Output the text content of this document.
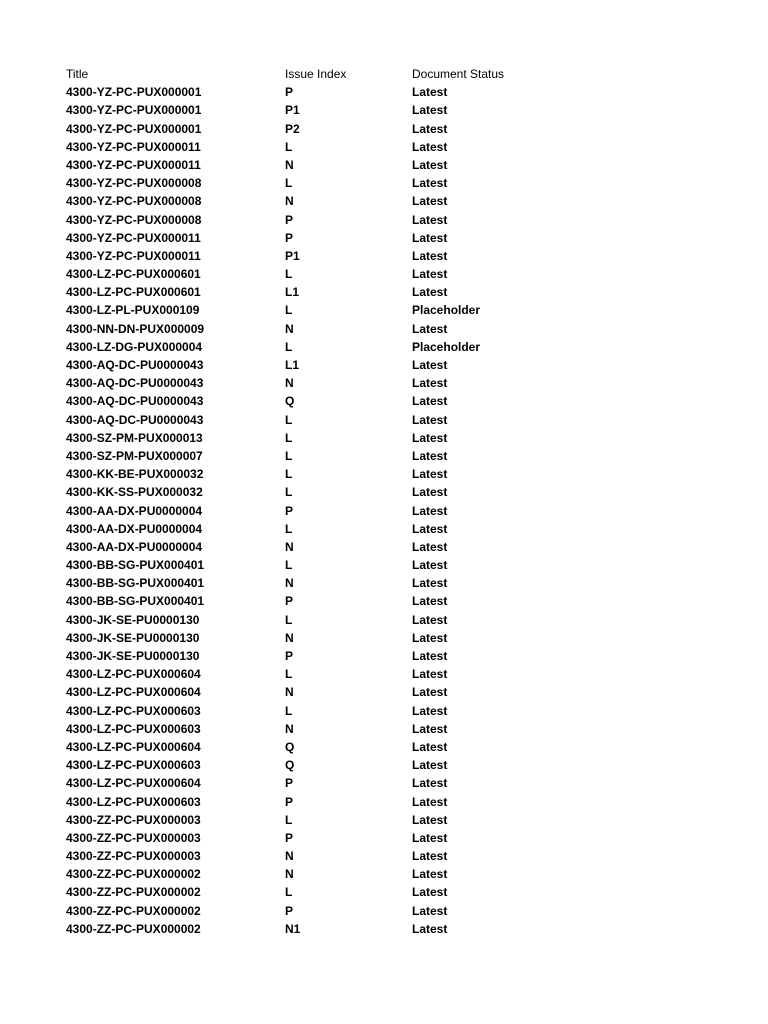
Title	Issue Index	Document Status
4300-YZ-PC-PUX000001	P	Latest
4300-YZ-PC-PUX000001	P1	Latest
4300-YZ-PC-PUX000001	P2	Latest
4300-YZ-PC-PUX000011	L	Latest
4300-YZ-PC-PUX000011	N	Latest
4300-YZ-PC-PUX000008	L	Latest
4300-YZ-PC-PUX000008	N	Latest
4300-YZ-PC-PUX000008	P	Latest
4300-YZ-PC-PUX000011	P	Latest
4300-YZ-PC-PUX000011	P1	Latest
4300-LZ-PC-PUX000601	L	Latest
4300-LZ-PC-PUX000601	L1	Latest
4300-LZ-PL-PUX000109	L	Placeholder
4300-NN-DN-PUX000009	N	Latest
4300-LZ-DG-PUX000004	L	Placeholder
4300-AQ-DC-PU0000043	L1	Latest
4300-AQ-DC-PU0000043	N	Latest
4300-AQ-DC-PU0000043	Q	Latest
4300-AQ-DC-PU0000043	L	Latest
4300-SZ-PM-PUX000013	L	Latest
4300-SZ-PM-PUX000007	L	Latest
4300-KK-BE-PUX000032	L	Latest
4300-KK-SS-PUX000032	L	Latest
4300-AA-DX-PU0000004	P	Latest
4300-AA-DX-PU0000004	L	Latest
4300-AA-DX-PU0000004	N	Latest
4300-BB-SG-PUX000401	L	Latest
4300-BB-SG-PUX000401	N	Latest
4300-BB-SG-PUX000401	P	Latest
4300-JK-SE-PU0000130	L	Latest
4300-JK-SE-PU0000130	N	Latest
4300-JK-SE-PU0000130	P	Latest
4300-LZ-PC-PUX000604	L	Latest
4300-LZ-PC-PUX000604	N	Latest
4300-LZ-PC-PUX000603	L	Latest
4300-LZ-PC-PUX000603	N	Latest
4300-LZ-PC-PUX000604	Q	Latest
4300-LZ-PC-PUX000603	Q	Latest
4300-LZ-PC-PUX000604	P	Latest
4300-LZ-PC-PUX000603	P	Latest
4300-ZZ-PC-PUX000003	L	Latest
4300-ZZ-PC-PUX000003	P	Latest
4300-ZZ-PC-PUX000003	N	Latest
4300-ZZ-PC-PUX000002	N	Latest
4300-ZZ-PC-PUX000002	L	Latest
4300-ZZ-PC-PUX000002	P	Latest
4300-ZZ-PC-PUX000002	N1	Latest
